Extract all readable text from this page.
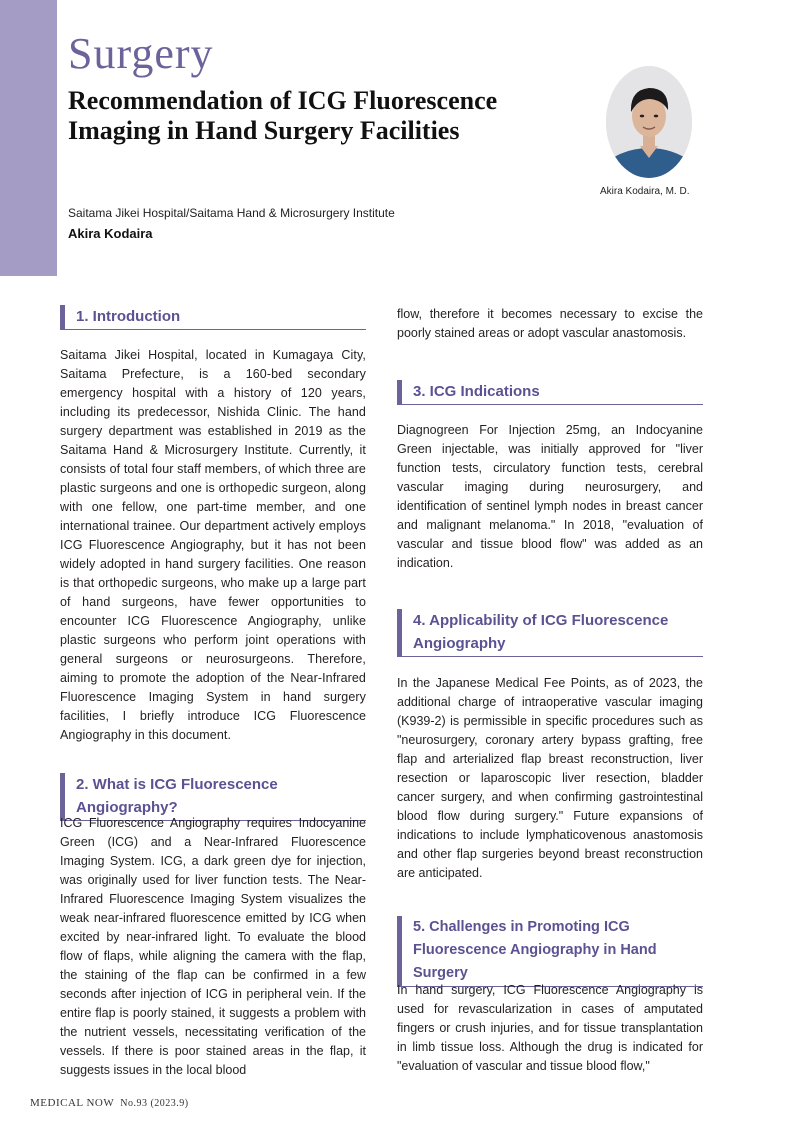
Surgery
Recommendation of ICG Fluorescence Imaging in Hand Surgery Facilities
Saitama Jikei Hospital/Saitama Hand & Microsurgery Institute
Akira Kodaira
Akira Kodaira, M. D.
1. Introduction

Saitama Jikei Hospital, located in Kumagaya City, Saitama Prefecture, is a 160-bed secondary emergency hospital with a history of 120 years, including its predecessor, Nishida Clinic. The hand surgery department was established in 2019 as the Saitama Hand & Microsurgery Institute. Currently, it consists of total four staff members, of which three are plastic surgeons and one is orthopedic surgeon, along with one fellow, one part-time member, and one international trainee. Our department actively employs ICG Fluorescence Angiography, but it has not been widely adopted in hand surgery facilities. One reason is that orthopedic surgeons, who make up a large part of hand surgeons, have fewer opportunities to encounter ICG Fluorescence Angiography, unlike plastic surgeons who perform joint operations with general surgeons or neurosurgeons. Therefore, aiming to promote the adoption of the Near-Infrared Fluorescence Imaging System in hand surgery facilities, I briefly introduce ICG Fluorescence Angiography in this document.

2. What is ICG Fluorescence Angiography?

ICG Fluorescence Angiography requires Indocyanine Green (ICG) and a Near-Infrared Fluorescence Imaging System. ICG, a dark green dye for injection, was originally used for liver function tests. The Near-Infrared Fluorescence Imaging System visualizes the weak near-infrared fluorescence emitted by ICG when excited by near-infrared light. To evaluate the blood flow of flaps, while aligning the camera with the flap, the staining of the flap can be confirmed in a few seconds after injection of ICG in peripheral vein. If the entire flap is poorly stained, it suggests a problem with the nutrient vessels, necessitating verification of the vessels. If there is poor stained areas in the flap, it suggests issues in the local blood

flow, therefore it becomes necessary to excise the poorly stained areas or adopt vascular anastomosis.

3. ICG Indications

Diagnogreen For Injection 25mg, an Indocyanine Green injectable, was initially approved for "liver function tests, circulatory function tests, cerebral vascular imaging during neurosurgery, and identification of sentinel lymph nodes in breast cancer and malignant melanoma." In 2018, "evaluation of vascular and tissue blood flow" was added as an indication.

4. Applicability of ICG Fluorescence Angiography

In the Japanese Medical Fee Points, as of 2023, the additional charge of intraoperative vascular imaging (K939-2) is permissible in specific procedures such as "neurosurgery, coronary artery bypass grafting, free flap and arterialized flap breast reconstruction, liver resection or laparoscopic liver resection, bladder cancer surgery, and when confirming gastrointestinal blood flow during surgery." Future expansions of indications to include lymphaticovenous anastomosis and other flap surgeries beyond breast reconstruction are anticipated.

5. Challenges in Promoting ICG Fluorescence Angiography in Hand Surgery

In hand surgery, ICG Fluorescence Angiography is used for revascularization in cases of amputated fingers or crush injuries, and for tissue transplantation in limb tissue loss. Although the drug is indicated for "evaluation of vascular and tissue blood flow,"

MEDICAL NOW No.93 (2023.9)
